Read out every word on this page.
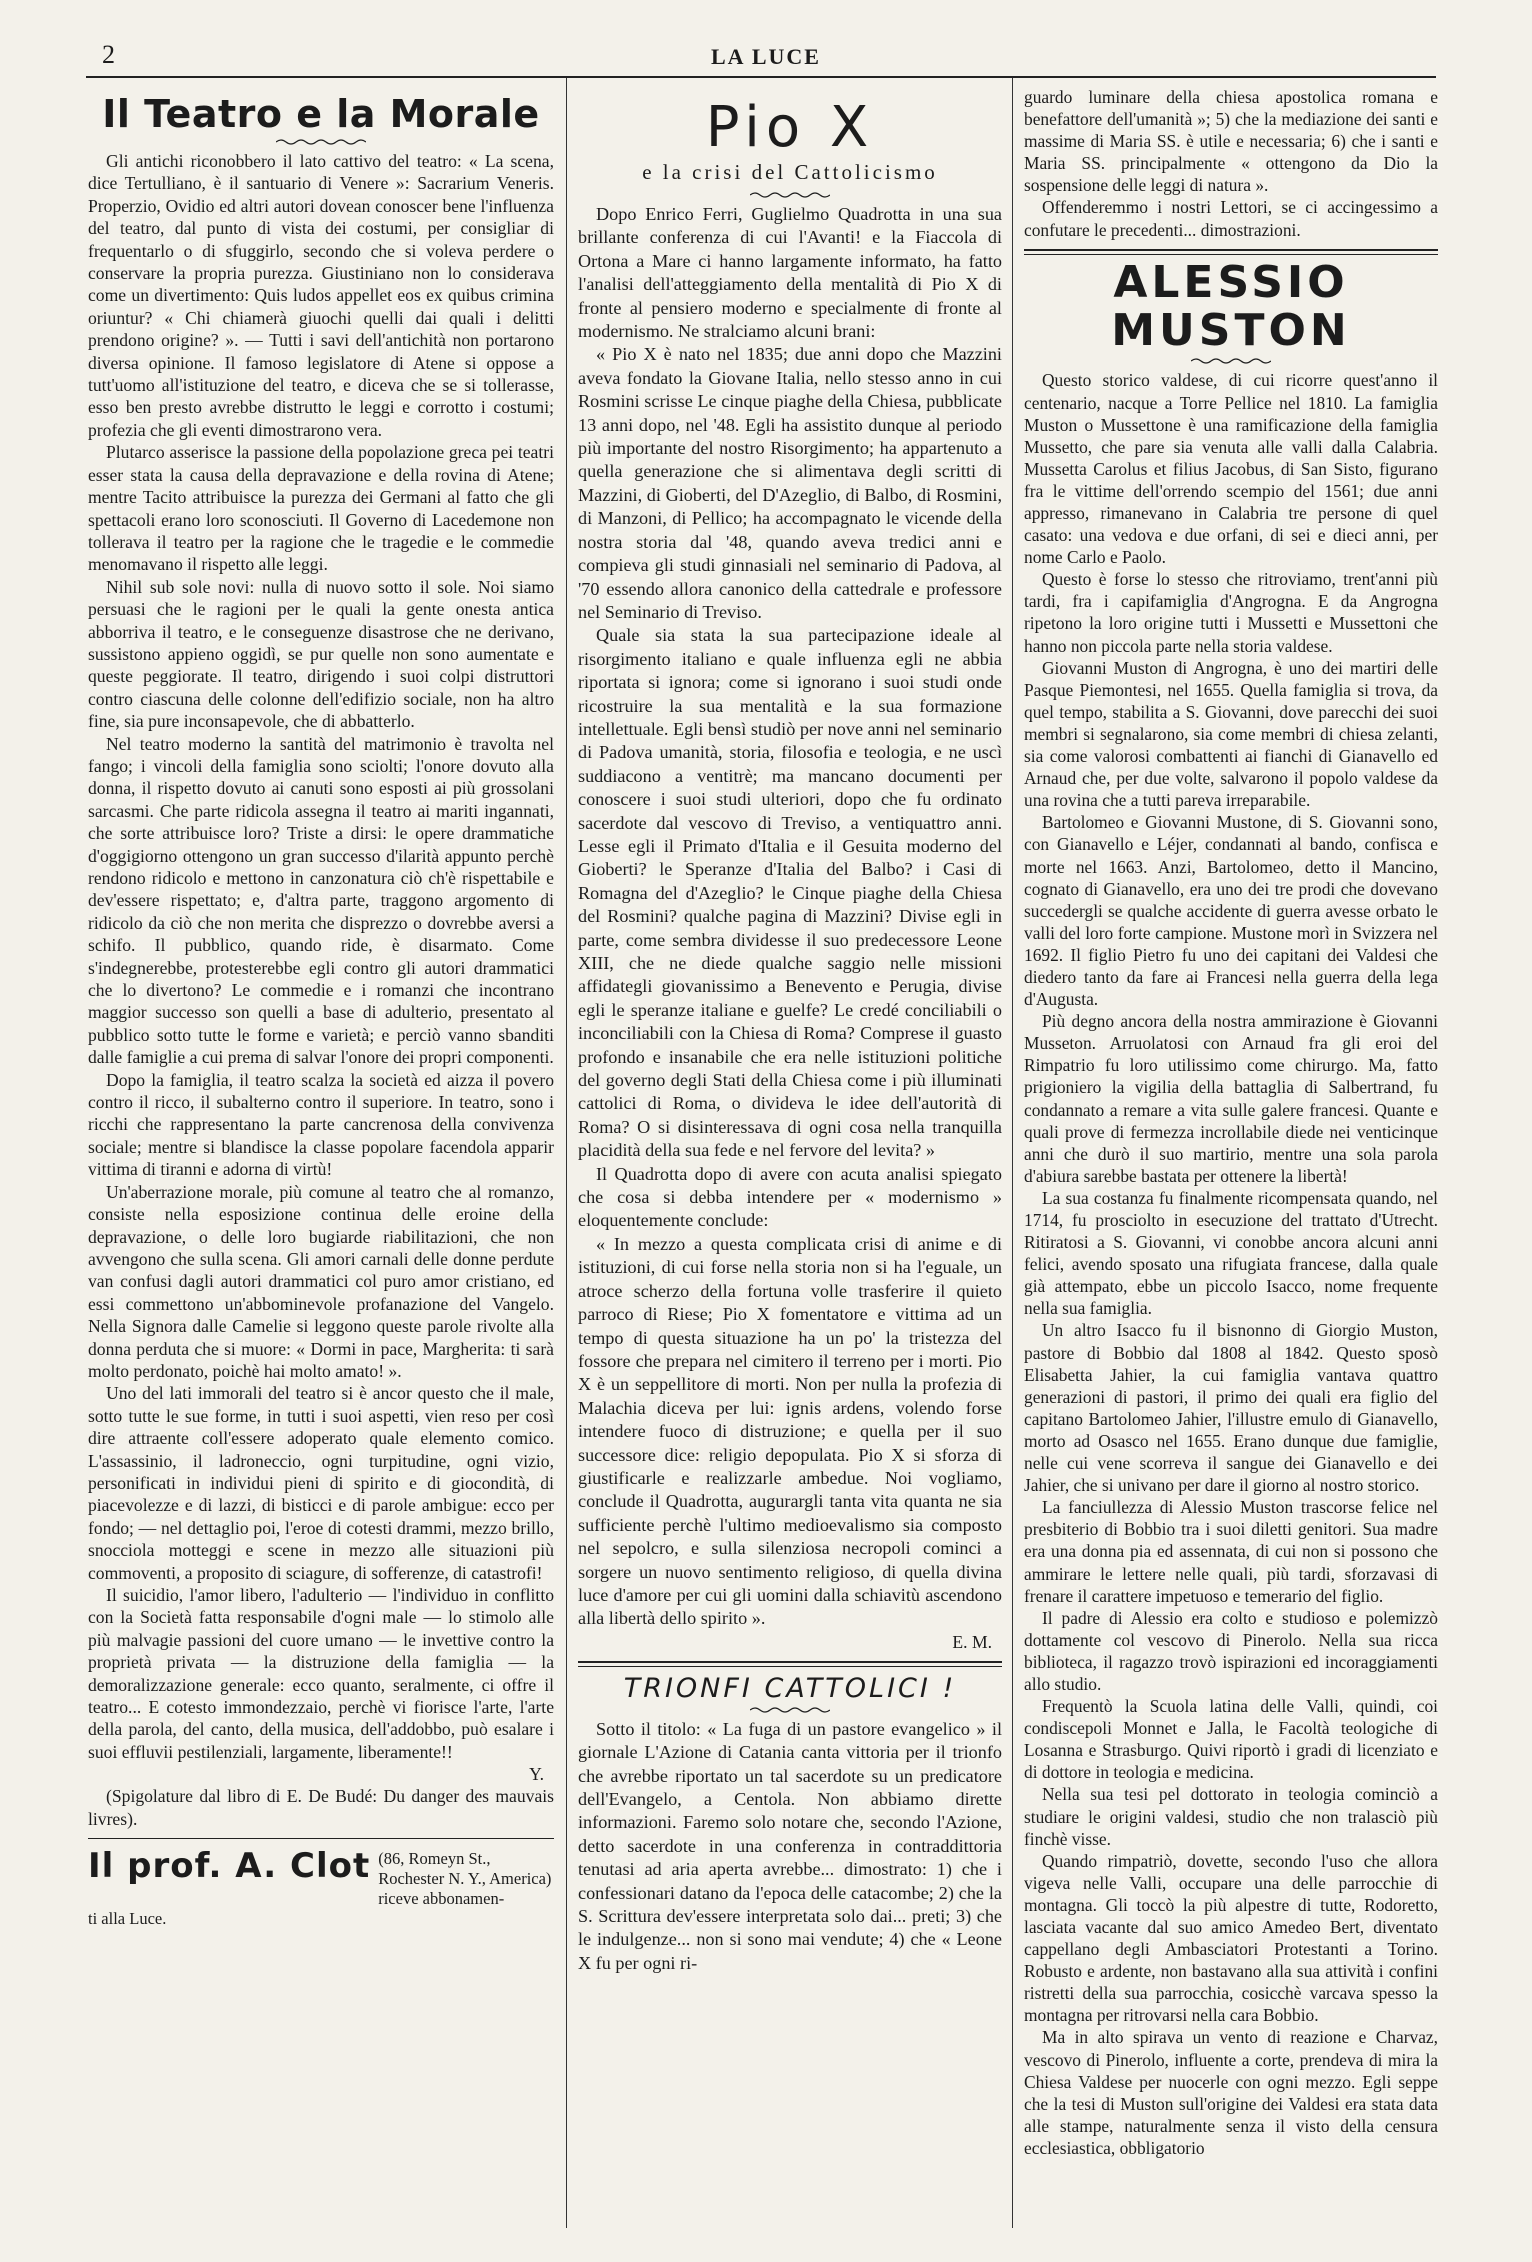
2	LA LUCE
Il Teatro e la Morale

Gli antichi riconobbero il lato cattivo del teatro: « La scena, dice Tertulliano, è il santuario di Venere »: Sacrarium Veneris. Properzio, Ovidio ed altri autori dovean conoscer bene l'influenza del teatro, dal punto di vista dei costumi, per consigliar di frequentarlo o di sfuggirlo, secondo che si voleva perdere o conservare la propria purezza. Giustiniano non lo considerava come un divertimento: Quis ludos appellet eos ex quibus crimina oriuntur? « Chi chiamerà giuochi quelli dai quali i delitti prendono origine? ». — Tutti i savi dell'antichità non portarono diversa opinione. Il famoso legislatore di Atene si oppose a tutt'uomo all'istituzione del teatro, e diceva che se si tollerasse, esso ben presto avrebbe distrutto le leggi e corrotto i costumi; profezia che gli eventi dimostrarono vera.

Plutarco asserisce la passione della popolazione greca pei teatri esser stata la causa della depravazione e della rovina di Atene; mentre Tacito attribuisce la purezza dei Germani al fatto che gli spettacoli erano loro sconosciuti. Il Governo di Lacedemone non tollerava il teatro per la ragione che le tragedie e le commedie menomavano il rispetto alle leggi.

Nihil sub sole novi: nulla di nuovo sotto il sole. Noi siamo persuasi che le ragioni per le quali la gente onesta antica abborriva il teatro, e le conseguenze disastrose che ne derivano, sussistono appieno oggidì, se pur quelle non sono aumentate e queste peggiorate. Il teatro, dirigendo i suoi colpi distruttori contro ciascuna delle colonne dell'edifizio sociale, non ha altro fine, sia pure inconsapevole, che di abbatterlo.

Nel teatro moderno la santità del matrimonio è travolta nel fango; i vincoli della famiglia sono sciolti; l'onore dovuto alla donna, il rispetto dovuto ai canuti sono esposti ai più grossolani sarcasmi. Che parte ridicola assegna il teatro ai mariti ingannati, che sorte attribuisce loro? Triste a dirsi: le opere drammatiche d'oggigiorno ottengono un gran successo d'ilarità appunto perchè rendono ridicolo e mettono in canzonatura ciò ch'è rispettabile e dev'essere rispettato; e, d'altra parte, traggono argomento di ridicolo da ciò che non merita che disprezzo o dovrebbe aversi a schifo. Il pubblico, quando ride, è disarmato. Come s'indegnerebbe, protesterebbe egli contro gli autori drammatici che lo divertono? Le commedie e i romanzi che incontrano maggior successo son quelli a base di adulterio, presentato al pubblico sotto tutte le forme e varietà; e perciò vanno sbanditi dalle famiglie a cui prema di salvar l'onore dei propri componenti.

Dopo la famiglia, il teatro scalza la società ed aizza il povero contro il ricco, il subalterno contro il superiore. In teatro, sono i ricchi che rappresentano la parte cancrenosa della convivenza sociale; mentre si blandisce la classe popolare facendola apparir vittima di tiranni e adorna di virtù!

Un'aberrazione morale, più comune al teatro che al romanzo, consiste nella esposizione continua delle eroine della depravazione, o delle loro bugiarde riabilitazioni, che non avvengono che sulla scena. Gli amori carnali delle donne perdute van confusi dagli autori drammatici col puro amor cristiano, ed essi commettono un'abbominevole profanazione del Vangelo. Nella Signora dalle Camelie si leggono queste parole rivolte alla donna perduta che si muore: « Dormi in pace, Margherita: ti sarà molto perdonato, poichè hai molto amato! ».

Uno del lati immorali del teatro si è ancor questo che il male, sotto tutte le sue forme, in tutti i suoi aspetti, vien reso per così dire attraente coll'essere adoperato quale elemento comico. L'assassinio, il ladroneccio, ogni turpitudine, ogni vizio, personificati in individui pieni di spirito e di giocondità, di piacevolezze e di lazzi, di bisticci e di parole ambigue: ecco per fondo; — nel dettaglio poi, l'eroe di cotesti drammi, mezzo brillo, snocciola motteggi e scene in mezzo alle situazioni più commoventi, a proposito di sciagure, di sofferenze, di catastrofi!

Il suicidio, l'amor libero, l'adulterio — l'individuo in conflitto con la Società fatta responsabile d'ogni male — lo stimolo alle più malvagie passioni del cuore umano — le invettive contro la proprietà privata — la distruzione della famiglia — la demoralizzazione generale: ecco quanto, seralmente, ci offre il teatro... E cotesto immondezzaio, perchè vi fiorisce l'arte, l'arte della parola, del canto, della musica, dell'addobbo, può esalare i suoi effluvii pestilenziali, largamente, liberamente!!

Y.

(Spigolature dal libro di E. De Budé: Du danger des mauvais livres).

Il prof. A. Clot (86, Romeyn St., Rochester N. Y., America) riceve abbonamen-

ti alla Luce.

Pio X
e la crisi del Cattolicismo

Dopo Enrico Ferri, Guglielmo Quadrotta in una sua brillante conferenza di cui l'Avanti! e la Fiaccola di Ortona a Mare ci hanno largamente informato, ha fatto l'analisi dell'atteggiamento della mentalità di Pio X di fronte al pensiero moderno e specialmente di fronte al modernismo. Ne stralciamo alcuni brani:

« Pio X è nato nel 1835; due anni dopo che Mazzini aveva fondato la Giovane Italia, nello stesso anno in cui Rosmini scrisse Le cinque piaghe della Chiesa, pubblicate 13 anni dopo, nel '48. Egli ha assistito dunque al periodo più importante del nostro Risorgimento; ha appartenuto a quella generazione che si alimentava degli scritti di Mazzini, di Gioberti, del D'Azeglio, di Balbo, di Rosmini, di Manzoni, di Pellico; ha accompagnato le vicende della nostra storia dal '48, quando aveva tredici anni e compieva gli studi ginnasiali nel seminario di Padova, al '70 essendo allora canonico della cattedrale e professore nel Seminario di Treviso.

Quale sia stata la sua partecipazione ideale al risorgimento italiano e quale influenza egli ne abbia riportata si ignora; come si ignorano i suoi studi onde ricostruire la sua mentalità e la sua formazione intellettuale. Egli bensì studiò per nove anni nel seminario di Padova umanità, storia, filosofia e teologia, e ne uscì suddiacono a ventitrè; ma mancano documenti per conoscere i suoi studi ulteriori, dopo che fu ordinato sacerdote dal vescovo di Treviso, a ventiquattro anni. Lesse egli il Primato d'Italia e il Gesuita moderno del Gioberti? le Speranze d'Italia del Balbo? i Casi di Romagna del d'Azeglio? le Cinque piaghe della Chiesa del Rosmini? qualche pagina di Mazzini? Divise egli in parte, come sembra dividesse il suo predecessore Leone XIII, che ne diede qualche saggio nelle missioni affidategli giovanissimo a Benevento e Perugia, divise egli le speranze italiane e guelfe? Le credé conciliabili o inconciliabili con la Chiesa di Roma? Comprese il guasto profondo e insanabile che era nelle istituzioni politiche del governo degli Stati della Chiesa come i più illuminati cattolici di Roma, o divideva le idee dell'autorità di Roma? O si disinteressava di ogni cosa nella tranquilla placidità della sua fede e nel fervore del levita? »

Il Quadrotta dopo di avere con acuta analisi spiegato che cosa si debba intendere per « modernismo » eloquentemente conclude:

« In mezzo a questa complicata crisi di anime e di istituzioni, di cui forse nella storia non si ha l'eguale, un atroce scherzo della fortuna volle trasferire il quieto parroco di Riese; Pio X fomentatore e vittima ad un tempo di questa situazione ha un po' la tristezza del fossore che prepara nel cimitero il terreno per i morti. Pio X è un seppellitore di morti. Non per nulla la profezia di Malachia diceva per lui: ignis ardens, volendo forse intendere fuoco di distruzione; e quella per il suo successore dice: religio depopulata. Pio X si sforza di giustificarle e realizzarle ambedue. Noi vogliamo, conclude il Quadrotta, augurargli tanta vita quanta ne sia sufficiente perchè l'ultimo medioevalismo sia composto nel sepolcro, e sulla silenziosa necropoli cominci a sorgere un nuovo sentimento religioso, di quella divina luce d'amore per cui gli uomini dalla schiavitù ascendono alla libertà dello spirito ».

E. M.

TRIONFI CATTOLICI !

Sotto il titolo: « La fuga di un pastore evangelico » il giornale L'Azione di Catania canta vittoria per il trionfo che avrebbe riportato un tal sacerdote su un predicatore dell'Evangelo, a Centola. Non abbiamo dirette informazioni. Faremo solo notare che, secondo l'Azione, detto sacerdote in una conferenza in contraddittoria tenutasi ad aria aperta avrebbe... dimostrato: 1) che i confessionari datano da l'epoca delle catacombe; 2) che la S. Scrittura dev'essere interpretata solo dai... preti; 3) che le indulgenze... non si sono mai vendute; 4) che « Leone X fu per ogni ri-

guardo luminare della chiesa apostolica romana e benefattore dell'umanità »; 5) che la mediazione dei santi e massime di Maria SS. è utile e necessaria; 6) che i santi e Maria SS. principalmente « ottengono da Dio la sospensione delle leggi di natura ».

Offenderemmo i nostri Lettori, se ci accingessimo a confutare le precedenti... dimostrazioni.

ALESSIO MUSTON

Questo storico valdese, di cui ricorre quest'anno il centenario, nacque a Torre Pellice nel 1810. La famiglia Muston o Mussettone è una ramificazione della famiglia Mussetto, che pare sia venuta alle valli dalla Calabria. Mussetta Carolus et filius Jacobus, di San Sisto, figurano fra le vittime dell'orrendo scempio del 1561; due anni appresso, rimanevano in Calabria tre persone di quel casato: una vedova e due orfani, di sei e dieci anni, per nome Carlo e Paolo.

Questo è forse lo stesso che ritroviamo, trent'anni più tardi, fra i capifamiglia d'Angrogna. E da Angrogna ripetono la loro origine tutti i Mussetti e Mussettoni che hanno non piccola parte nella storia valdese.

Giovanni Muston di Angrogna, è uno dei martiri delle Pasque Piemontesi, nel 1655. Quella famiglia si trova, da quel tempo, stabilita a S. Giovanni, dove parecchi dei suoi membri si segnalarono, sia come membri di chiesa zelanti, sia come valorosi combattenti ai fianchi di Gianavello ed Arnaud che, per due volte, salvarono il popolo valdese da una rovina che a tutti pareva irreparabile.

Bartolomeo e Giovanni Mustone, di S. Giovanni sono, con Gianavello e Léjer, condannati al bando, confisca e morte nel 1663. Anzi, Bartolomeo, detto il Mancino, cognato di Gianavello, era uno dei tre prodi che dovevano succedergli se qualche accidente di guerra avesse orbato le valli del loro forte campione. Mustone morì in Svizzera nel 1692. Il figlio Pietro fu uno dei capitani dei Valdesi che diedero tanto da fare ai Francesi nella guerra della lega d'Augusta.

Più degno ancora della nostra ammirazione è Giovanni Musseton. Arruolatosi con Arnaud fra gli eroi del Rimpatrio fu loro utilissimo come chirurgo. Ma, fatto prigioniero la vigilia della battaglia di Salbertrand, fu condannato a remare a vita sulle galere francesi. Quante e quali prove di fermezza incrollabile diede nei venticinque anni che durò il suo martirio, mentre una sola parola d'abiura sarebbe bastata per ottenere la libertà!

La sua costanza fu finalmente ricompensata quando, nel 1714, fu prosciolto in esecuzione del trattato d'Utrecht. Ritiratosi a S. Giovanni, vi conobbe ancora alcuni anni felici, avendo sposato una rifugiata francese, dalla quale già attempato, ebbe un piccolo Isacco, nome frequente nella sua famiglia.

Un altro Isacco fu il bisnonno di Giorgio Muston, pastore di Bobbio dal 1808 al 1842. Questo sposò Elisabetta Jahier, la cui famiglia vantava quattro generazioni di pastori, il primo dei quali era figlio del capitano Bartolomeo Jahier, l'illustre emulo di Gianavello, morto ad Osasco nel 1655. Erano dunque due famiglie, nelle cui vene scorreva il sangue dei Gianavello e dei Jahier, che si univano per dare il giorno al nostro storico.

La fanciullezza di Alessio Muston trascorse felice nel presbiterio di Bobbio tra i suoi diletti genitori. Sua madre era una donna pia ed assennata, di cui non si possono che ammirare le lettere nelle quali, più tardi, sforzavasi di frenare il carattere impetuoso e temerario del figlio.

Il padre di Alessio era colto e studioso e polemizzò dottamente col vescovo di Pinerolo. Nella sua ricca biblioteca, il ragazzo trovò ispirazioni ed incoraggiamenti allo studio.

Frequentò la Scuola latina delle Valli, quindi, coi condiscepoli Monnet e Jalla, le Facoltà teologiche di Losanna e Strasburgo. Quivi riportò i gradi di licenziato e di dottore in teologia e medicina.

Nella sua tesi pel dottorato in teologia cominciò a studiare le origini valdesi, studio che non tralasciò più finchè visse.

Quando rimpatriò, dovette, secondo l'uso che allora vigeva nelle Valli, occupare una delle parrocchie di montagna. Gli toccò la più alpestre di tutte, Rodoretto, lasciata vacante dal suo amico Amedeo Bert, diventato cappellano degli Ambasciatori Protestanti a Torino. Robusto e ardente, non bastavano alla sua attività i confini ristretti della sua parrocchia, cosicchè varcava spesso la montagna per ritrovarsi nella cara Bobbio.

Ma in alto spirava un vento di reazione e Charvaz, vescovo di Pinerolo, influente a corte, prendeva di mira la Chiesa Valdese per nuocerle con ogni mezzo. Egli seppe che la tesi di Muston sull'origine dei Valdesi era stata data alle stampe, naturalmente senza il visto della censura ecclesiastica, obbligatorio
